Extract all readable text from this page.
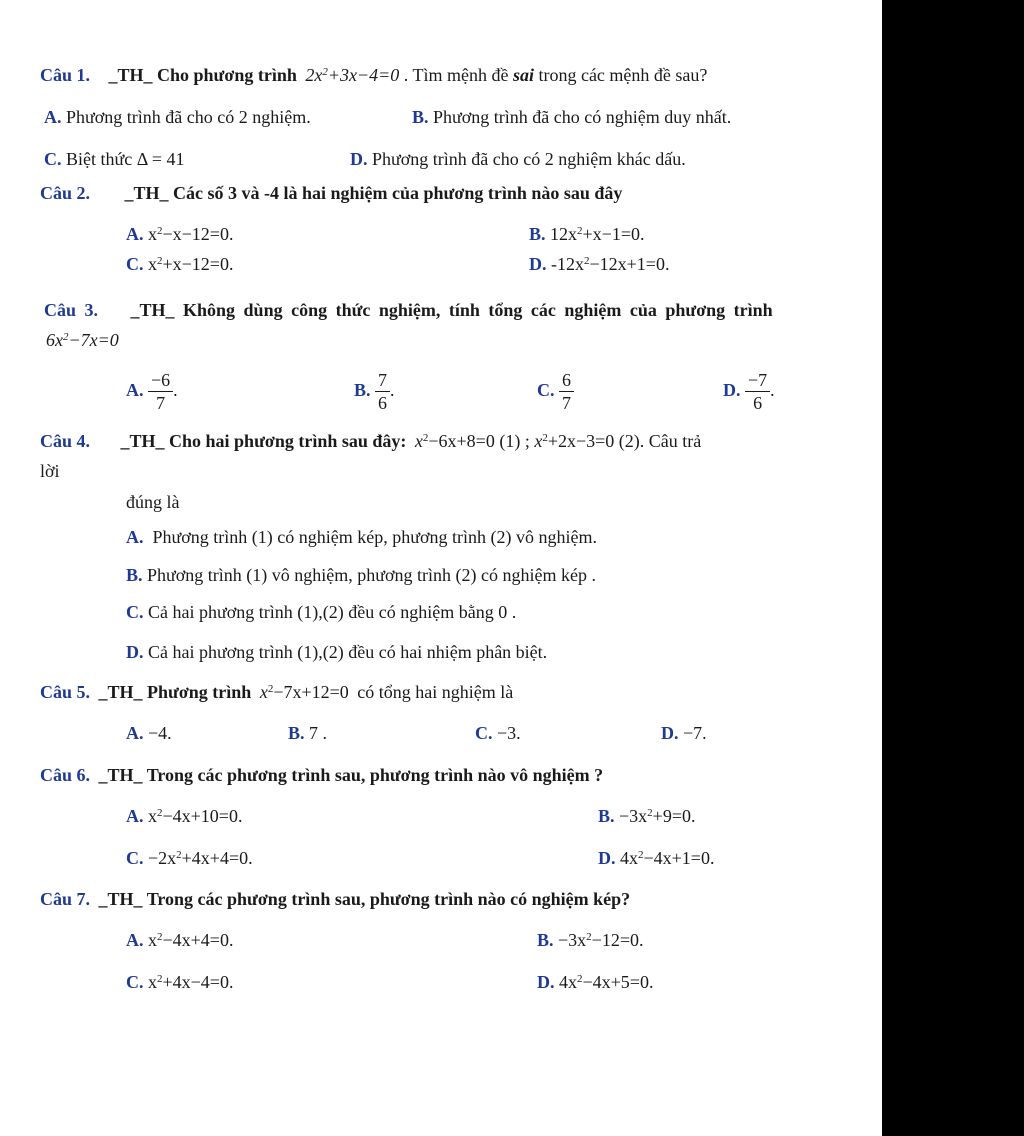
Câu 1. _TH_ Cho phương trình $2x^2+3x-4=0$ . Tìm mệnh đề sai trong các mệnh đề sau?
A. Phương trình đã cho có 2 nghiệm.	B. Phương trình đã cho có nghiệm duy nhất.
C. Biệt thức Δ = 41	D. Phương trình đã cho có 2 nghiệm khác dấu.
Câu 2. _TH_ Các số 3 và -4 là hai nghiệm của phương trình nào sau đây
A. $x^2-x-12=0$.	B. $12x^2+x-1=0$.
C. $x^2+x-12=0$.	D. $-12x^2-12x+1=0$.
Câu 3. _TH_ Không dùng công thức nghiệm, tính tổng các nghiệm của phương trình
$6x^2-7x=0$
A. $\frac{-6}{7}$ .	B. $\frac{7}{6}$ .	C. $\frac{6}{7}$	D. $\frac{-7}{6}$ .
Câu 4. _TH_ Cho hai phương trình sau đây: $x^2-6x+8=0$ (1) ; $x^2+2x-3=0$ (2). Câu trả
lời
đúng là
A. Phương trình (1) có nghiệm kép, phương trình (2) vô nghiệm.
B. Phương trình (1) vô nghiệm, phương trình (2) có nghiệm kép .
C. Cả hai phương trình (1),(2) đều có nghiệm bằng 0 .
D. Cả hai phương trình (1),(2) đều có hai nhiệm phân biệt.
Câu 5. _TH_ Phương trình $x^2-7x+12=0$ có tổng hai nghiệm là
A. −4.	B. 7 .	C. −3.	D. −7.
Câu 6. _TH_ Trong các phương trình sau, phương trình nào vô nghiệm ?
A. $x^2-4x+10=0$.	B. $-3x^2+9=0$.
C. $-2x^2+4x+4=0$.	D. $4x^2-4x+1=0$.
Câu 7. _TH_ Trong các phương trình sau, phương trình nào có nghiệm kép?
A. $x^2-4x+4=0$.	B. $-3x^2-12=0$.
C. $x^2+4x-4=0$.	D. $4x^2-4x+5=0$.
